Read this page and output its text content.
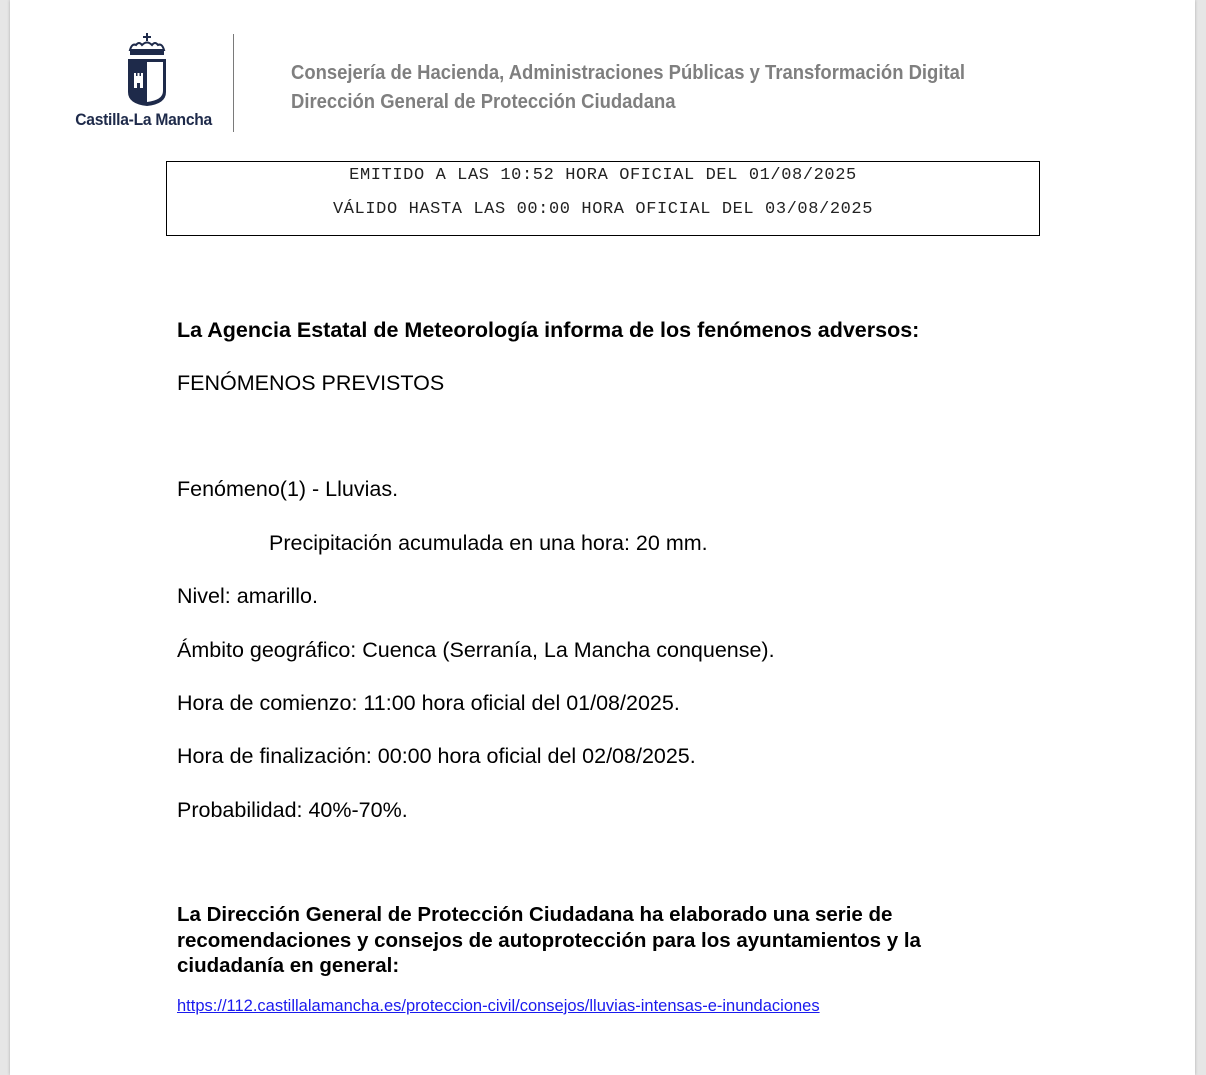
Castilla-La Mancha
Consejería de Hacienda, Administraciones Públicas y Transformación Digital
Dirección General de Protección Ciudadana
EMITIDO A LAS 10:52 HORA OFICIAL DEL 01/08/2025
VÁLIDO HASTA LAS 00:00 HORA OFICIAL DEL 03/08/2025
La Agencia Estatal de Meteorología informa de los fenómenos adversos:
FENÓMENOS PREVISTOS
Fenómeno(1) - Lluvias.
Precipitación acumulada en una hora: 20 mm.
Nivel: amarillo.
Ámbito geográfico: Cuenca (Serranía, La Mancha conquense).
Hora de comienzo: 11:00 hora oficial del 01/08/2025.
Hora de finalización: 00:00 hora oficial del 02/08/2025.
Probabilidad: 40%-70%.
La Dirección General de Protección Ciudadana ha elaborado una serie de recomendaciones y consejos de autoprotección para los ayuntamientos y la ciudadanía en general:
https://112.castillalamancha.es/proteccion-civil/consejos/lluvias-intensas-e-inundaciones
